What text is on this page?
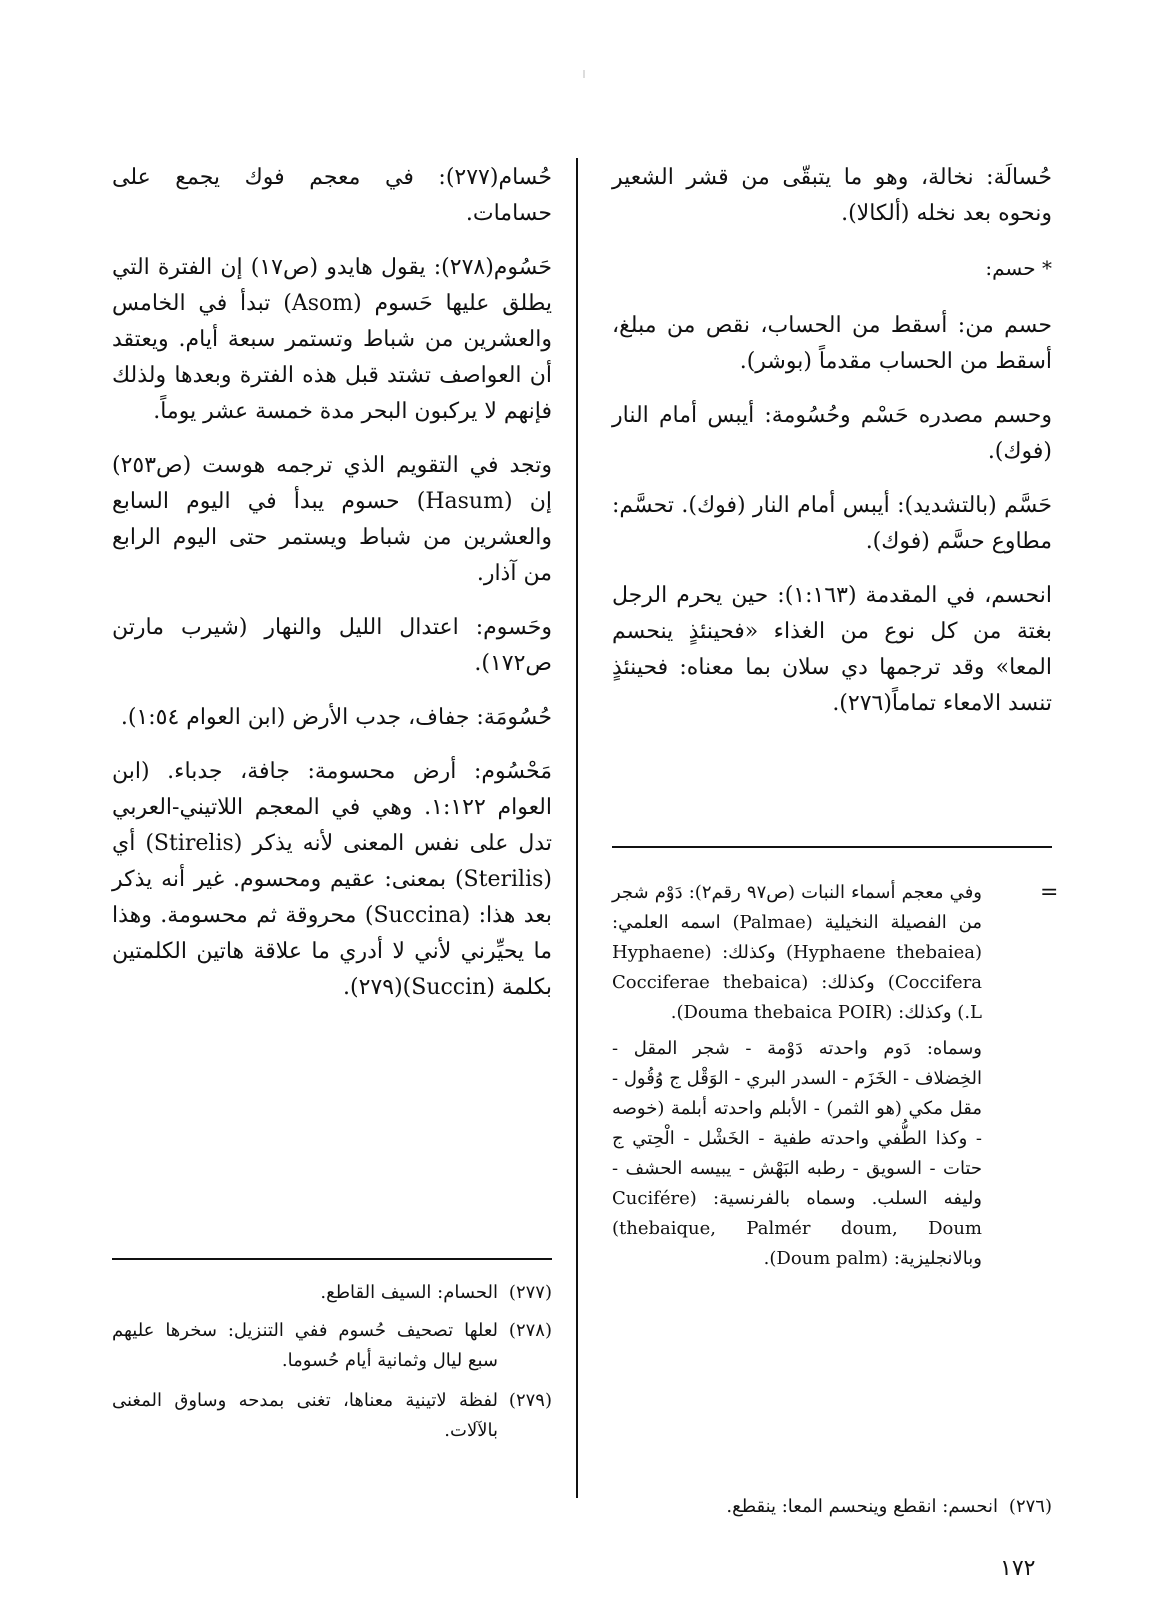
حُسالَة: نخالة، وهو ما يتبقّى من قشر الشعير ونحوه بعد نخله (ألكالا).

* حسم:

حسم من: أسقط من الحساب، نقص من مبلغ، أسقط من الحساب مقدماً (بوشر).

وحسم مصدره حَسْم وحُسُومة: أيبس أمام النار (فوك).

حَسَّم (بالتشديد): أيبس أمام النار (فوك). تحسَّم: مطاوع حسَّم (فوك).

انحسم، في المقدمة (١:١٦٣): حين يحرم الرجل بغتة من كل نوع من الغذاء «فحينئذٍ ينحسم المعا» وقد ترجمها دي سلان بما معناه: فحينئذٍ تنسد الامعاء تماماً(٢٧٦).

=

وفي معجم أسماء النبات (ص٩٧ رقم٢): دَوْم شجر من الفصيلة النخيلية (Palmae) اسمه العلمي: (Hyphaene thebaiea) وكذلك: (Hyphaene Coccifera) وكذلك: (Cocciferae thebaica L.) وكذلك: (Douma thebaica POIR).

وسماه: دَوم واحدته دَوْمة - شجر المقل - الخِضلاف - الخَزَم - السدر البري - الوَقْل ج وُقُول - مقل مكي (هو الثمر) - الأبلم واحدته أبلمة (خوصه - وكذا الطُّفي واحدته طفية - الخَشْل - الْحِتي ج حتات - السويق - رطبه البَهْش - يبيسه الحشف - وليفه السلب. وسماه بالفرنسية: (Cucifére thebaique, Palmér doum, Doum) وبالانجليزية: (Doum palm).

(٢٧٦)
انحسم: انقطع وينحسم المعا: ينقطع.

حُسام(٢٧٧): في معجم فوك يجمع على حسامات.

حَسُوم(٢٧٨): يقول هايدو (ص١٧) إن الفترة التي يطلق عليها حَسوم (Asom) تبدأ في الخامس والعشرين من شباط وتستمر سبعة أيام. ويعتقد أن العواصف تشتد قبل هذه الفترة وبعدها ولذلك فإنهم لا يركبون البحر مدة خمسة عشر يوماً.

وتجد في التقويم الذي ترجمه هوست (ص٢٥٣) إن (Hasum) حسوم يبدأ في اليوم السابع والعشرين من شباط ويستمر حتى اليوم الرابع من آذار.

وحَسوم: اعتدال الليل والنهار (شيرب مارتن ص١٧٢).

حُسُومَة: جفاف، جدب الأرض (ابن العوام ١:٥٤).

مَحْسُوم: أرض محسومة: جافة، جدباء. (ابن العوام ١:١٢٢. وهي في المعجم اللاتيني-العربي تدل على نفس المعنى لأنه يذكر (Stirelis) أي (Sterilis) بمعنى: عقيم ومحسوم. غير أنه يذكر بعد هذا: (Succina) محروقة ثم محسومة. وهذا ما يحيِّرني لأني لا أدري ما علاقة هاتين الكلمتين بكلمة (Succin)(٢٧٩).

(٢٧٧)
الحسام: السيف القاطع.
(٢٧٨)
لعلها تصحيف حُسوم ففي التنزيل: سخرها عليهم سبع ليال وثمانية أيام حُسوما.
(٢٧٩)
لفظة لاتينية معناها، تغنى بمدحه وساوق المغنى بالآلات.
١٧٢
